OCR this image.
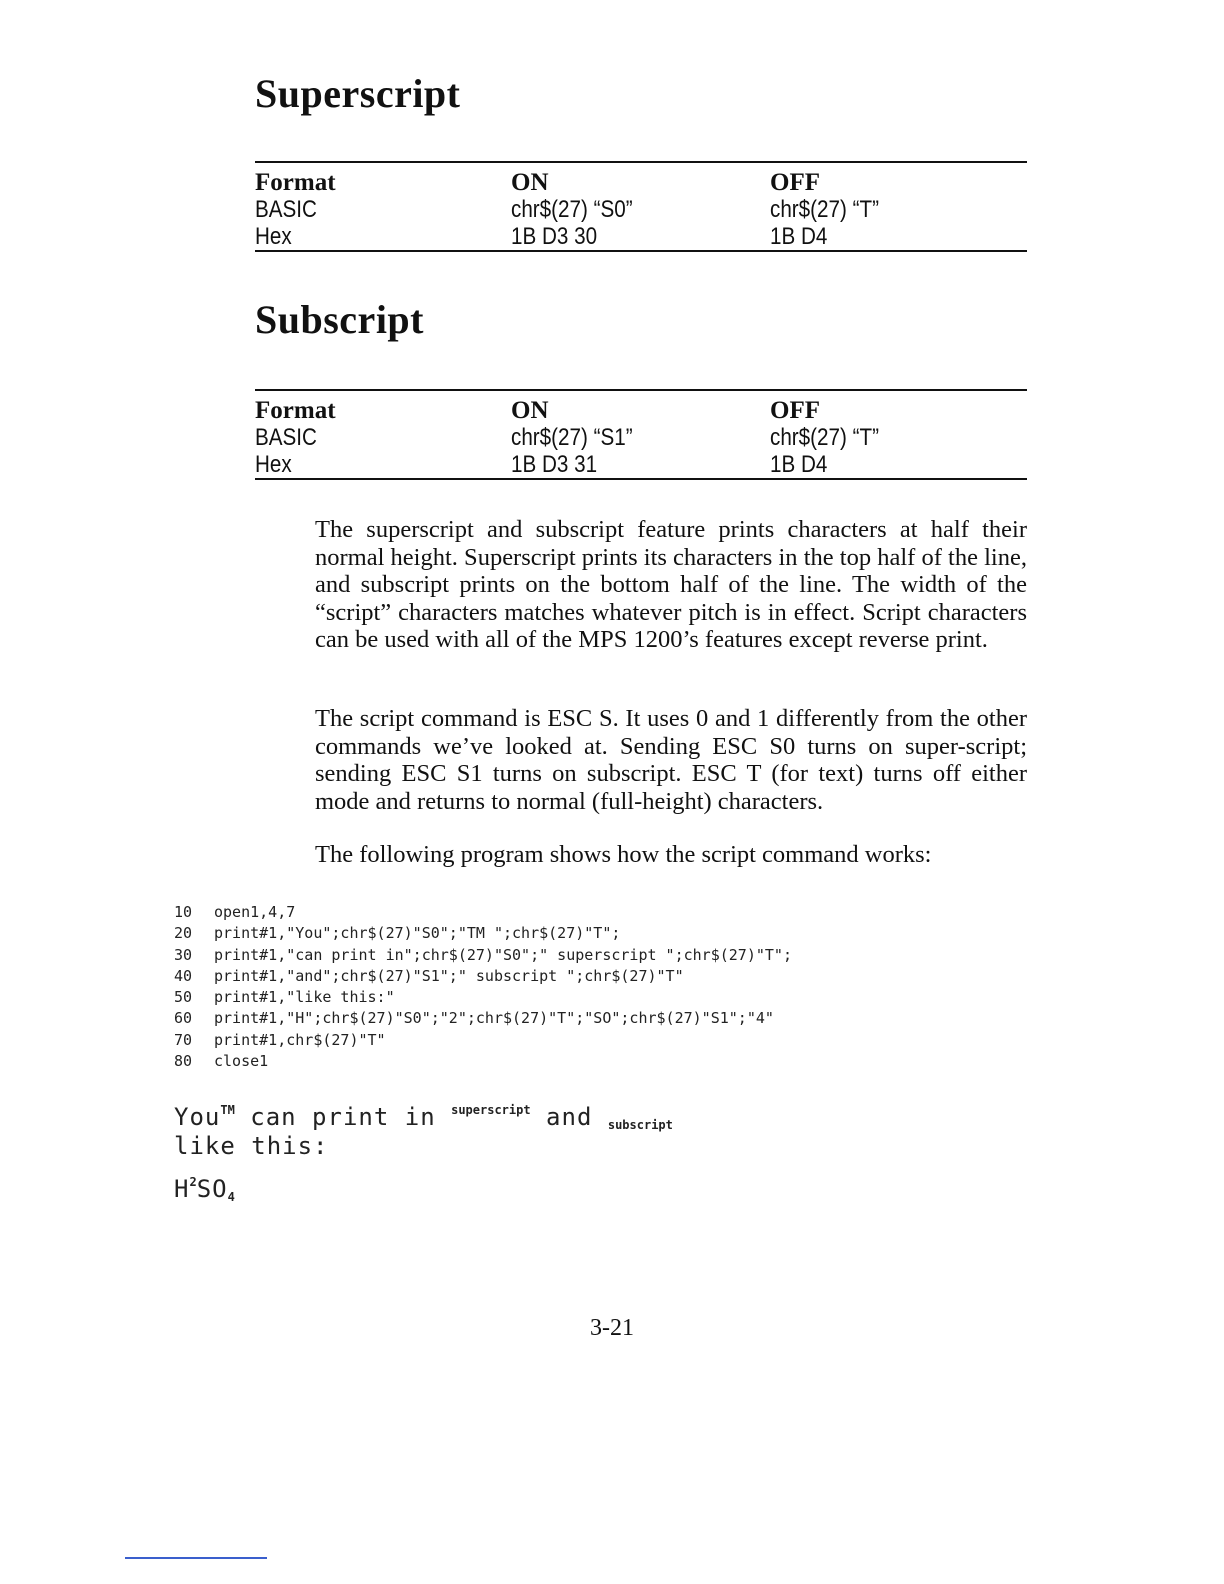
Superscript
Format	ON	OFF
BASIC	chr$(27) “S0”	chr$(27) “T”
Hex	1B D3 30	1B D4
Subscript
Format	ON	OFF
BASIC	chr$(27) “S1”	chr$(27) “T”
Hex	1B D3 31	1B D4

The superscript and subscript feature prints characters at half their normal height. Superscript prints its characters in the top half of the line, and subscript prints on the bottom half of the line. The width of the “script” characters matches whatever pitch is in effect. Script characters can be used with all of the MPS 1200’s features except reverse print.

The script command is ESC S. It uses 0 and 1 differently from the other commands we’ve looked at. Sending ESC S0 turns on super-script; sending ESC S1 turns on subscript. ESC T (for text) turns off either mode and returns to normal (full-height) characters.

The following program shows how the script command works:

10	open1,4,7
20	print#1,"You";chr$(27)"S0";"TM ";chr$(27)"T";
30	print#1,"can print in";chr$(27)"S0";" superscript ";chr$(27)"T";
40	print#1,"and";chr$(27)"S1";" subscript ";chr$(27)"T"
50	print#1,"like this:"
60	print#1,"H";chr$(27)"S0";"2";chr$(27)"T";"SO";chr$(27)"S1";"4"
70	print#1,chr$(27)"T"
80	close1
You™ can print in $^{superscript}$ and $_{subscript}$
like this:
$H^2SO_4$
3-21
